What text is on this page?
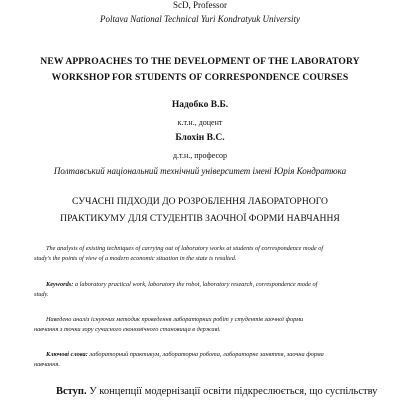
ScD, Professor
Poltava National Technical Yuri Kondratyuk University
NEW APPROACHES TO THE DEVELOPMENT OF THE LABORATORY
WORKSHOP FOR STUDENTS OF CORRESPONDENCE COURSES
Надобко В.Б.
к.т.н., доцент
Блохін В.С.
д.т.н., професор
Полтавський національний технічний університет імені Юрія Кондратюка
СУЧАСНІ ПІДХОДИ ДО РОЗРОБЛЕННЯ ЛАБОРАТОРНОГО
ПРАКТИКУМУ ДЛЯ СТУДЕНТІВ ЗАОЧНОЇ ФОРМИ НАВЧАННЯ
The analysis of existing techniques of carrying out of laboratory works at students of correspondence mode of
study's the points of view of a modern economic situation in the state is resulted.
Keywords: a laboratory practical work, laboratory the robot, laboratory research, correspondence mode of
study.
Наведено аналіз існуючих методик проведення лабораторних робіт у студентів заочної форми
навчання з точки зору сучасного економічного становища в державі.
Ключові слова: лабораторний практикум, лабораторна робота, лабораторне заняття, заочна форма
навчання.
Вступ. У концепції модернізації освіти підкреслюється, що суспільству
